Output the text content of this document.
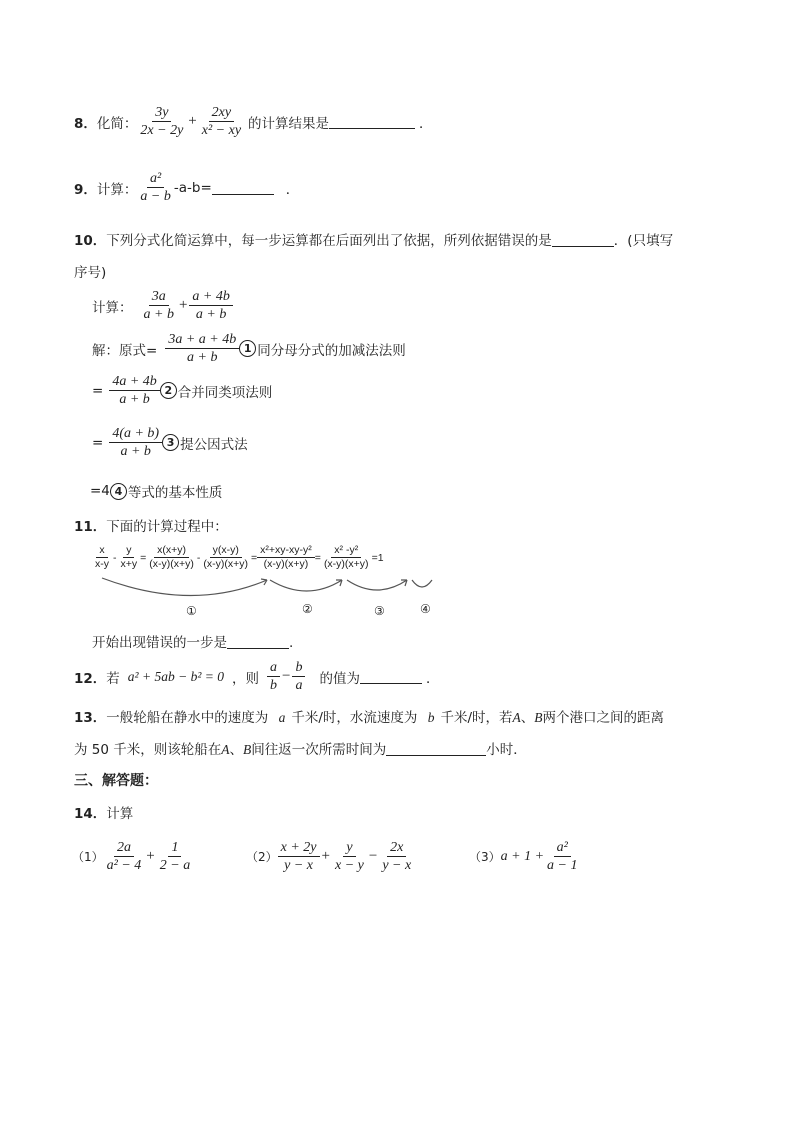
8． 化简： $\frac{3y}{2x - 2y} + \frac{2xy}{\text{x² − xy}}$ 的计算结果是	．
9． 计算： $\frac{\text{a²}}{a - b} -a-b=$	．
10．下列分式化简运算中，每一步运算都在后面列出了依据，所列依据错误的是	．(只填写
序号)
计算： $\frac{3a}{a + b} + \frac{a + 4b}{a + b}$
解：原式= $\frac{3a + a + 4b}{a + b} 1$ 同分母分式的加减法法则
= $\frac{4a + 4b}{a + b} 2$ 合并同类项法则
= $\frac{4(a + b)}{a + b} 3$ 提公因式法
=4 4 等式的基本性质
11．下面的计算过程中：
$\frac{x}{x-y} - \frac{y}{x+y} = \frac{x(x+y)}{(x-y)(x+y)} - \frac{y(x-y)}{(x-y)(x+y)} = \frac{\text{x²+xy-xy-y²}}{(x-y)(x+y)} = \frac{\text{x² -y²}}{(x-y)(x+y)} =1$
①	②	③	④
开始出现错误的一步是	.
12． 若 a² + 5ab − b² = 0 ，则 $\frac{a}{b} - \frac{b}{a}$ 的值为	．
13．一般轮船在静水中的速度为 a 千米/时，水流速度为 b 千米/时，若A、B两个港口之间的距离
为 50 千米，则该轮船在A、B间往返一次所需时间为	小时．
三、解答题：
14．计算
$(1) \frac{2a}{\text{a² − 4}} + \frac{1}{2 - a}$	$(2) \frac{x + 2y}{y - x} + \frac{y}{x - y} - \frac{2x}{y - x}$	（3） $a + 1 + \frac{\text{a²}}{a - 1}$
